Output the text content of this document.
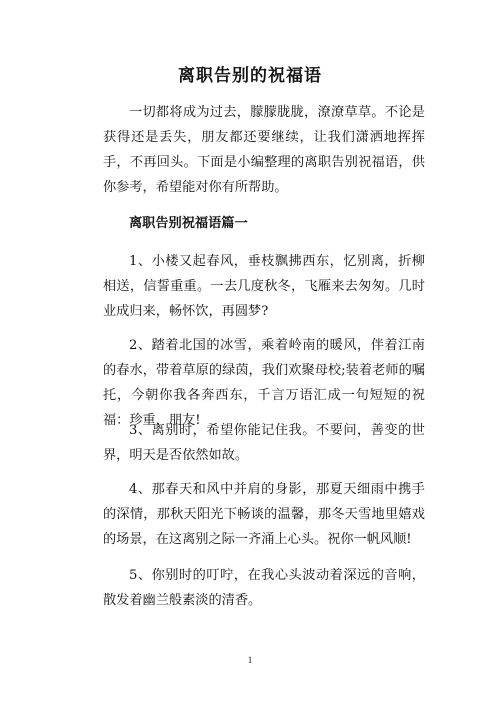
离职告别的祝福语

一切都将成为过去，朦朦胧胧，潦潦草草。不论是获得还是丢失，朋友都还要继续，让我们潇洒地挥挥手，不再回头。下面是小编整理的离职告别祝福语，供你参考，希望能对你有所帮助。

离职告别祝福语篇一

1、小楼又起春风，垂枝飘拂西东，忆别离，折柳相送，信誓重重。一去几度秋冬，飞雁来去匆匆。几时业成归来，畅怀饮，再圆梦?

2、踏着北国的冰雪，乘着岭南的暖风，伴着江南的春水，带着草原的绿茵，我们欢聚母校;装着老师的嘱托，今朝你我各奔西东，千言万语汇成一句短短的祝福：珍重，朋友!

3、离别时，希望你能记住我。不要问，善变的世界，明天是否依然如故。

4、那春天和风中并肩的身影，那夏天细雨中携手的深情，那秋天阳光下畅谈的温馨，那冬天雪地里嬉戏的场景，在这离别之际一齐涌上心头。祝你一帆风顺!

5、你别时的叮咛，在我心头波动着深远的音响，散发着幽兰般素淡的清香。

1
